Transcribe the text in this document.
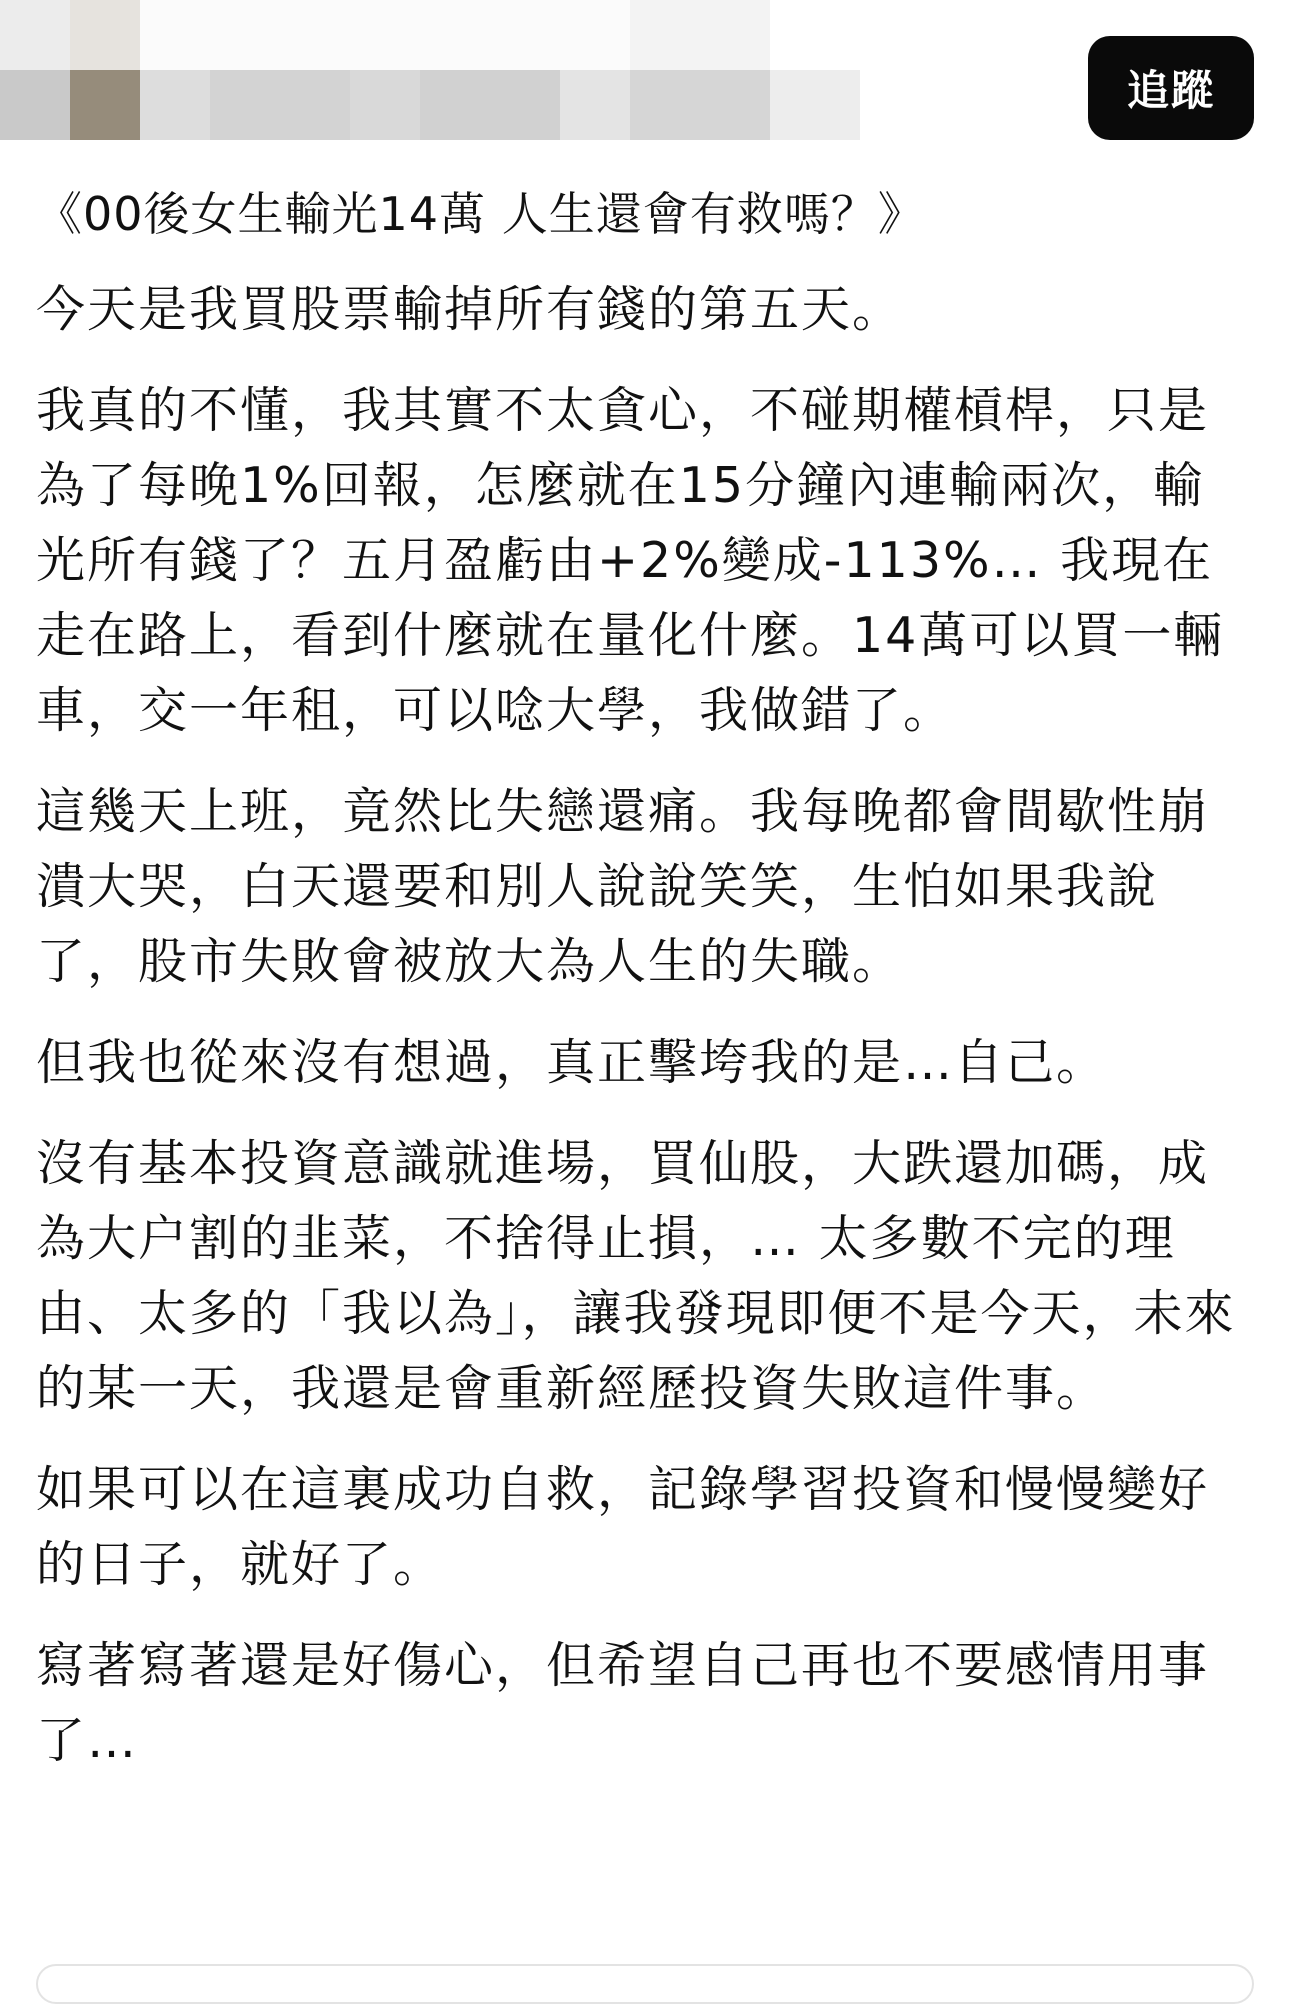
追蹤
《00後女生輸光14萬 人生還會有救嗎？》

今天是我買股票輸掉所有錢的第五天。

我真的不懂，我其實不太貪心，不碰期權槓桿，只是為了每晚1%回報，怎麼就在15分鐘內連輸兩次，輸光所有錢了？五月盈虧由+2%變成-113%… 我現在走在路上，看到什麼就在量化什麼。14萬可以買一輛車，交一年租，可以唸大學，我做錯了。

這幾天上班，竟然比失戀還痛。我每晚都會間歇性崩潰大哭，白天還要和別人說說笑笑，生怕如果我說了，股市失敗會被放大為人生的失職。

但我也從來沒有想過，真正擊垮我的是…自己。

沒有基本投資意識就進場，買仙股，大跌還加碼，成為大户割的韭菜，不捨得止損，… 太多數不完的理由、太多的「我以為」，讓我發現即便不是今天，未來的某一天，我還是會重新經歷投資失敗這件事。

如果可以在這裏成功自救，記錄學習投資和慢慢變好的日子，就好了。

寫著寫著還是好傷心，但希望自己再也不要感情用事了…
